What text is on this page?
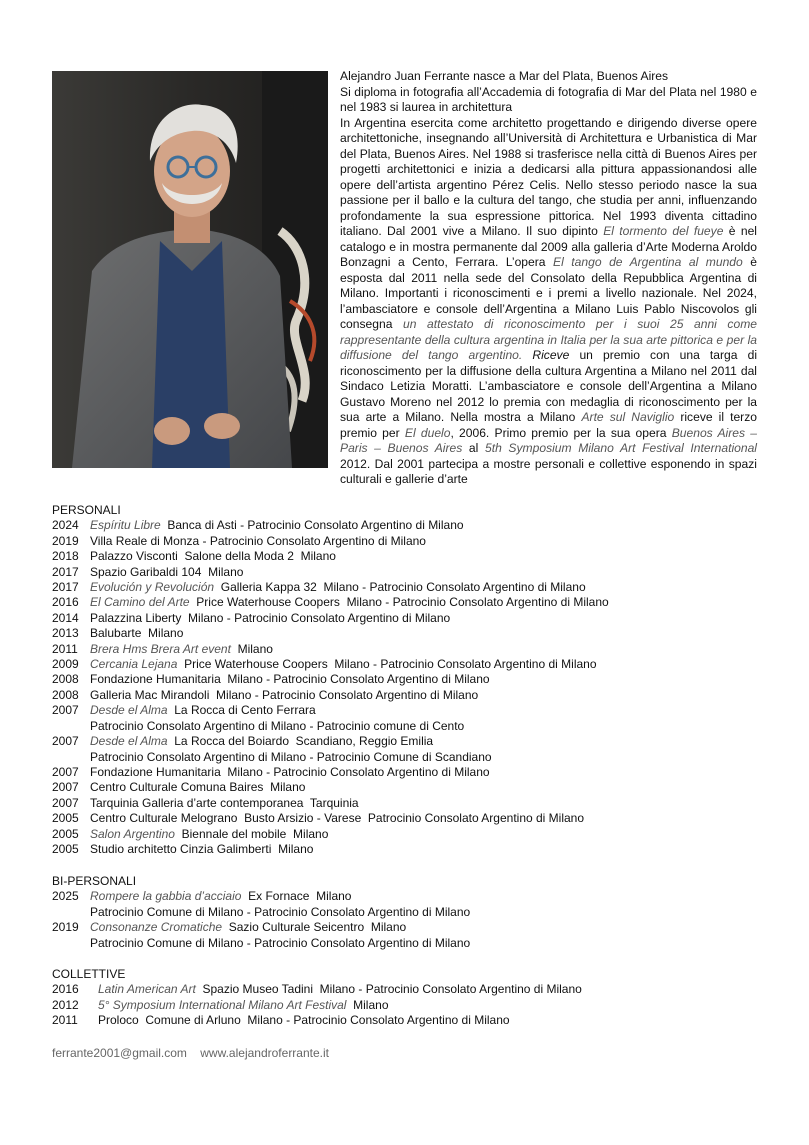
Alejandro Juan Ferrante nasce a Mar del Plata, Buenos Aires

Si diploma in fotografia all’Accademia di fotografia di Mar del Plata nel 1980 e nel 1983 si laurea in architettura

In Argentina esercita come architetto progettando e dirigendo diverse opere architettoniche, insegnando all’Università di Architettura e Urbanistica di Mar del Plata, Buenos Aires. Nel 1988 si trasferisce nella città di Buenos Aires per progetti architettonici e inizia a dedicarsi alla pittura appassionandosi alle opere dell’artista argentino Pérez Celis. Nello stesso periodo nasce la sua passione per il ballo e la cultura del tango, che studia per anni, influenzando profondamente la sua espressione pittorica. Nel 1993 diventa cittadino italiano. Dal 2001 vive a Milano. Il suo dipinto El tormento del fueye è nel catalogo e in mostra permanente dal 2009 alla galleria d’Arte Moderna Aroldo Bonzagni a Cento, Ferrara. L’opera El tango de Argentina al mundo è esposta dal 2011 nella sede del Consolato della Repubblica Argentina di Milano. Importanti i riconoscimenti e i premi a livello nazionale. Nel 2024, l’ambasciatore e console dell’Argentina a Milano Luis Pablo Niscovolos gli consegna un attestato di riconoscimento per i suoi 25 anni come rappresentante della cultura argentina in Italia per la sua arte pittorica e per la diffusione del tango argentino. Riceve un premio con una targa di riconoscimento per la diffusione della cultura Argentina a Milano nel 2011 dal Sindaco Letizia Moratti. L’ambasciatore e console dell’Argentina a Milano Gustavo Moreno nel 2012 lo premia con medaglia di riconoscimento per la sua arte a Milano. Nella mostra a Milano Arte sul Naviglio riceve il terzo premio per El duelo, 2006. Primo premio per la sua opera Buenos Aires – Paris – Buenos Aires al 5th Symposium Milano Art Festival International 2012. Dal 2001 partecipa a mostre personali e collettive esponendo in spazi culturali e gallerie d’arte

PERSONALI
2024 Espíritu Libre  Banca di Asti - Patrocinio Consolato Argentino di Milano
2019 Villa Reale di Monza - Patrocinio Consolato Argentino di Milano
2018 Palazzo Visconti  Salone della Moda 2  Milano
2017 Spazio Garibaldi 104  Milano
2017 Evolución y Revolución  Galleria Kappa 32  Milano - Patrocinio Consolato Argentino di Milano
2016 El Camino del Arte  Price Waterhouse Coopers  Milano - Patrocinio Consolato Argentino di Milano
2014 Palazzina Liberty  Milano - Patrocinio Consolato Argentino di Milano
2013 Balubarte  Milano
2011	Brera Hms Brera Art event  Milano
2009 Cercania Lejana  Price Waterhouse Coopers  Milano - Patrocinio Consolato Argentino di Milano
2008 Fondazione Humanitaria  Milano - Patrocinio Consolato Argentino di Milano
2008 Galleria Mac Mirandoli  Milano - Patrocinio Consolato Argentino di Milano
2007 Desde el Alma  La Rocca di Cento Ferrara
Patrocinio Consolato Argentino di Milano - Patrocinio comune di Cento
2007 Desde el Alma  La Rocca del Boiardo  Scandiano, Reggio Emilia
Patrocinio Consolato Argentino di Milano - Patrocinio Comune di Scandiano
2007 Fondazione Humanitaria  Milano - Patrocinio Consolato Argentino di Milano
2007 Centro Culturale Comuna Baires  Milano
2007 Tarquinia Galleria d’arte contemporanea  Tarquinia
2005 Centro Culturale Melograno  Busto Arsizio - Varese  Patrocinio Consolato Argentino di Milano
2005 Salon Argentino  Biennale del mobile  Milano
2005 Studio architetto Cinzia Galimberti  Milano
BI-PERSONALI
2025 Rompere la gabbia d’acciaio  Ex Fornace  Milano
Patrocinio Comune di Milano - Patrocinio Consolato Argentino di Milano
2019 Consonanze Cromatiche  Sazio Culturale Seicentro  Milano
Patrocinio Comune di Milano - Patrocinio Consolato Argentino di Milano
COLLETTIVE
2016	Latin American Art  Spazio Museo Tadini  Milano - Patrocinio Consolato Argentino di Milano
2012	5° Symposium International Milano Art Festival  Milano
2011	Proloco  Comune di Arluno  Milano - Patrocinio Consolato Argentino di Milano
ferrante2001@gmail.com www.alejandroferrante.it
